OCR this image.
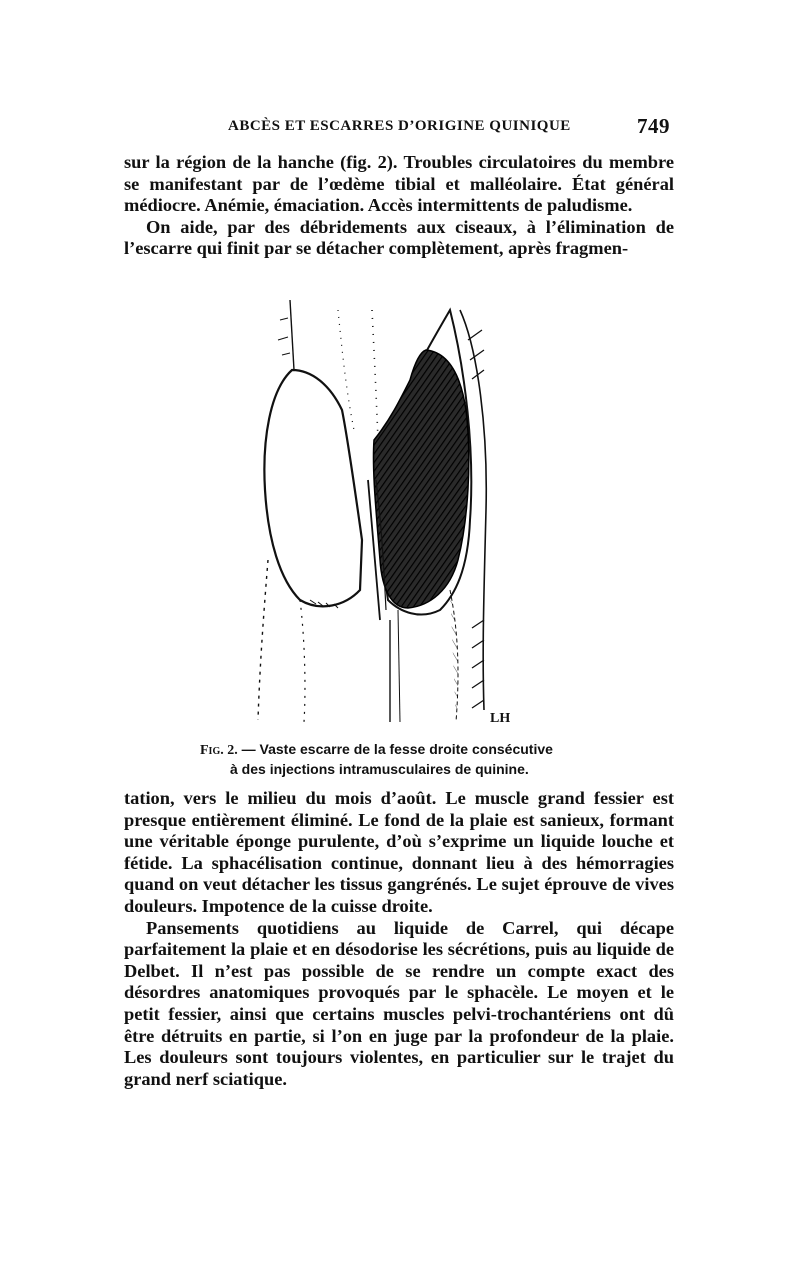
ABCÈS ET ESCARRES D’ORIGINE QUINIQUE	749

sur la région de la hanche (fig. 2). Troubles circulatoires du membre se manifestant par de l’œdème tibial et malléolaire. État général médiocre. Anémie, émaciation. Accès intermittents de paludisme.

On aide, par des débridements aux ciseaux, à l’élimination de l’escarre qui finit par se détacher complètement, après fragmen-

LH
Fig. 2. — Vaste escarre de la fesse droite consécutive
à des injections intramusculaires de quinine.

tation, vers le milieu du mois d’août. Le muscle grand fessier est presque entièrement éliminé. Le fond de la plaie est sanieux, formant une véritable éponge purulente, d’où s’exprime un liquide louche et fétide. La sphacélisation continue, donnant lieu à des hémorragies quand on veut détacher les tissus gangrénés. Le sujet éprouve de vives douleurs. Impotence de la cuisse droite.

Pansements quotidiens au liquide de Carrel, qui décape parfaitement la plaie et en désodorise les sécrétions, puis au liquide de Delbet. Il n’est pas possible de se rendre un compte exact des désordres anatomiques provoqués par le sphacèle. Le moyen et le petit fessier, ainsi que certains muscles pelvi-trochantériens ont dû être détruits en partie, si l’on en juge par la profondeur de la plaie. Les douleurs sont toujours violentes, en particulier sur le trajet du grand nerf sciatique.
